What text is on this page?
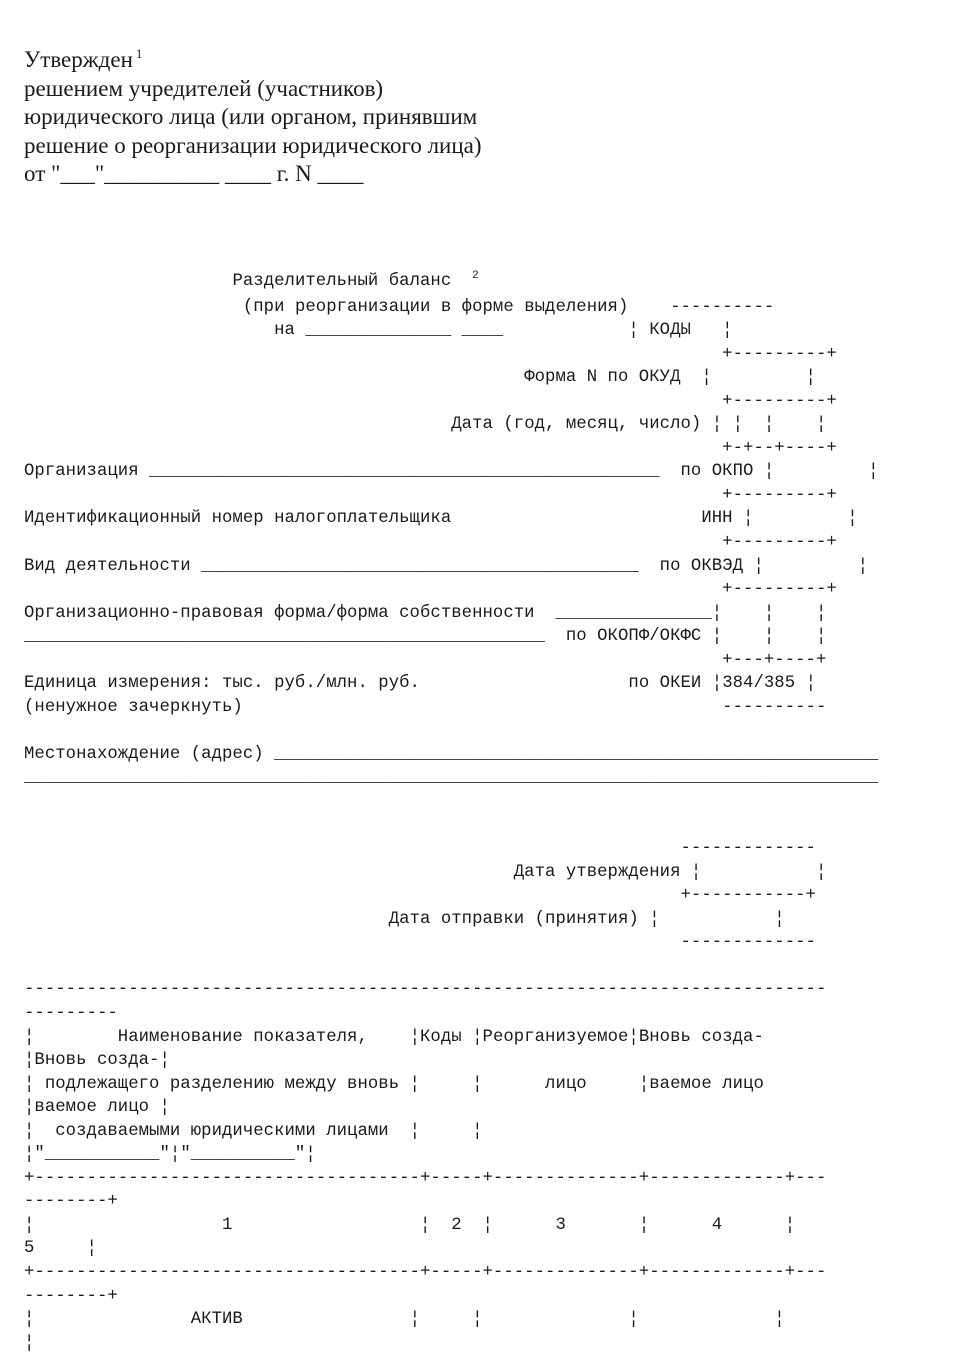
Утвержден $^1$
решением учредителей (участников)
юридического лица (или органом, принявшим
решение о реорганизации юридического лица)
от "___"__________ ____ г. N ____
Разделительный баланс $^2$
(при реорганизации в форме выделения)    ----------
на ______________ ____            ¦ КОДЫ   ¦
+---------+
Форма N по ОКУД  ¦         ¦
+---------+
Дата (год, месяц, число) ¦ ¦  ¦    ¦
+-+--+----+
Организация _________________________________________________ по ОКПО ¦         ¦
+---------+
Идентификационный номер налогоплательщика	ИНН ¦         ¦
+---------+
Вид деятельности __________________________________________ по ОКВЭД ¦         ¦
+---------+
Организационно-правовая форма/форма собственности _______________¦    ¦    ¦
__________________________________________________ по ОКОПФ/ОКФС ¦    ¦    ¦
+---+----+
Единица измерения: тыс. руб./млн. руб.	по ОКЕИ ¦384/385 ¦
(ненужное зачеркнуть)                                              ----------

Местонахождение (адрес) __________________________________________________________
__________________________________________________________________________________

-------------
Дата утверждения ¦           ¦
+-----------+
Дата отправки (принятия) ¦           ¦
-------------

-----------------------------------------------------------------------------
---------
¦        Наименование показателя,    ¦Коды ¦Реорганизуемое¦Вновь созда-
¦Вновь созда-¦
¦ подлежащего разделению между вновь ¦     ¦      лицо     ¦ваемое лицо
¦ваемое лицо ¦
¦  создаваемыми юридическими лицами  ¦     ¦
¦"___________"¦"__________"¦
+-------------------------------------+-----+--------------+-------------+---
--------+
¦                  1                  ¦  2  ¦      3       ¦      4      ¦
5     ¦
+-------------------------------------+-----+--------------+-------------+---
--------+
¦               АКТИВ                ¦     ¦              ¦             ¦
¦
